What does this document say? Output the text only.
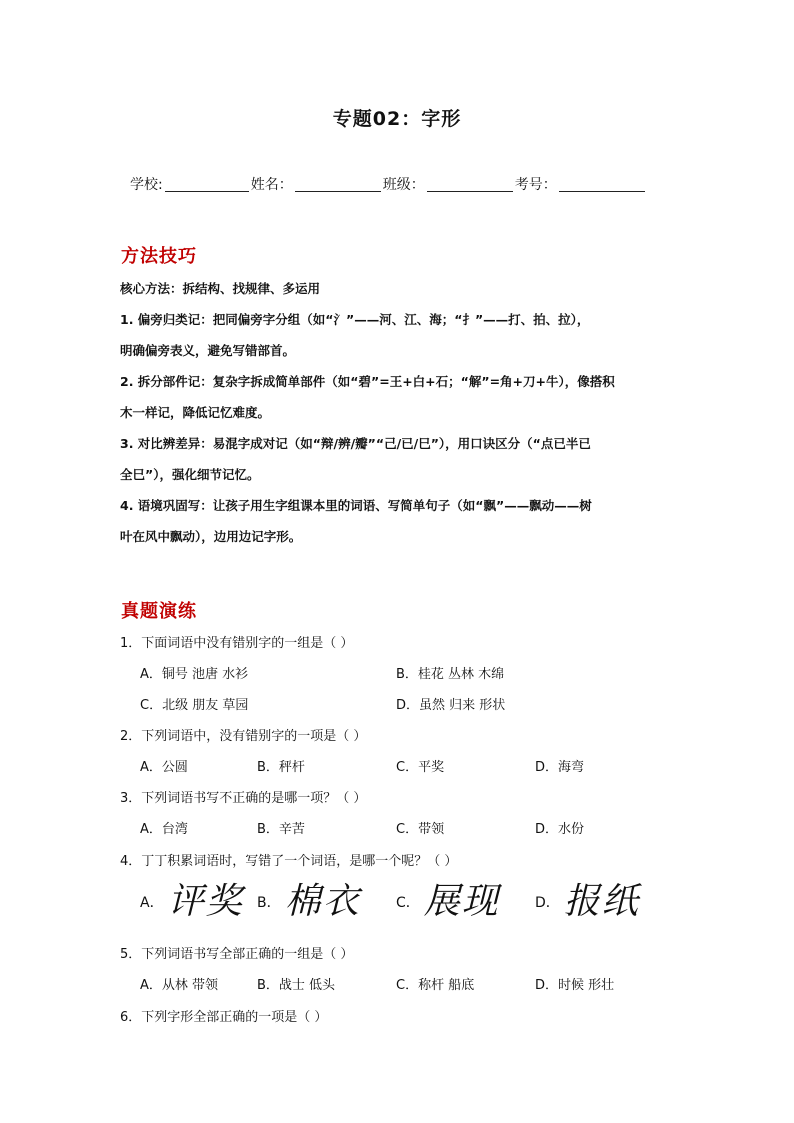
专题02：字形
学校:	姓名：	班级：	考号：
方法技巧
核心方法：拆结构、找规律、多运用
1. 偏旁归类记：把同偏旁字分组（如“氵”——河、江、海；“扌”——打、拍、拉），
明确偏旁表义，避免写错部首。
2. 拆分部件记：复杂字拆成简单部件（如“碧”=王+白+石；“解”=角+刀+牛），像搭积
木一样记，降低记忆难度。
3. 对比辨差异：易混字成对记（如“辩/辨/瓣”“己/已/巳”），用口诀区分（“点已半已
全巳”），强化细节记忆。
4. 语境巩固写：让孩子用生字组课本里的词语、写简单句子（如“飘”——飘动——树
叶在风中飘动），边用边记字形。
真题演练
1．下面词语中没有错别字的一组是（ ）
A．铜号 池唐 水衫	B．桂花 丛林 木绵
C．北级 朋友 草园	D．虽然 归来 形状
2．下列词语中，没有错别字的一项是（ ）
A．公圆	B．秤杆	C．平奖	D．海弯
3．下列词语书写不正确的是哪一项？（ ）
A．台湾	B．辛苦	C．带领	D．水份
4．丁丁积累词语时，写错了一个词语，是哪一个呢？（ ）
A． 评奖 B． 棉衣	C． 展现	D． 报纸
5．下列词语书写全部正确的一组是（ ）
A．从林 带领	B．战士 低头	C．称杆 船底	D．时候 形壮
6．下列字形全部正确的一项是（ ）
